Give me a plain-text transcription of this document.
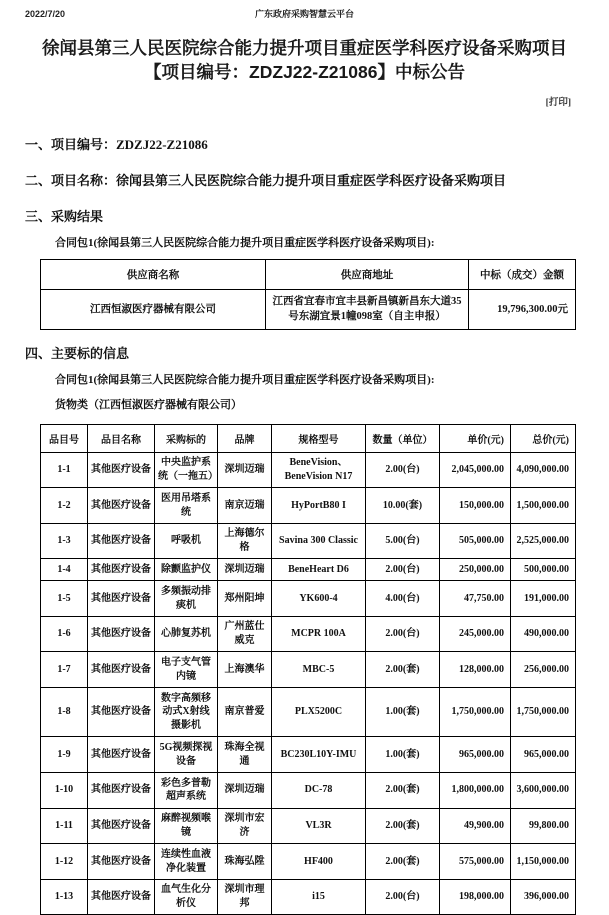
2022/7/20	广东政府采购智慧云平台
徐闻县第三人民医院综合能力提升项目重症医学科医疗设备采购项目【项目编号：ZDZJ22-Z21086】中标公告
[打印]
一、项目编号：ZDZJ22-Z21086
二、项目名称：徐闻县第三人民医院综合能力提升项目重症医学科医疗设备采购项目
三、采购结果
合同包1(徐闻县第三人民医院综合能力提升项目重症医学科医疗设备采购项目):
供应商名称	供应商地址	中标（成交）金额
江西恒淑医疗器械有限公司	江西省宜春市宜丰县新昌镇新昌东大道35号东湖宜景1幢098室（自主申报）	19,796,300.00元
四、主要标的信息
合同包1(徐闻县第三人民医院综合能力提升项目重症医学科医疗设备采购项目):
货物类（江西恒淑医疗器械有限公司）
品目号	品目名称	采购标的	品牌	规格型号	数量（单位）	单价(元)	总价(元)
1-1	其他医疗设备	中央监护系统（一拖五）	深圳迈瑞	BeneVision、BeneVision N17	2.00(台)	2,045,000.00	4,090,000.00
1-2	其他医疗设备	医用吊塔系统	南京迈瑞	HyPortB80 I	10.00(套)	150,000.00	1,500,000.00
1-3	其他医疗设备	呼吸机	上海德尔格	Savina 300 Classic	5.00(台)	505,000.00	2,525,000.00
1-4	其他医疗设备	除颤监护仪	深圳迈瑞	BeneHeart D6	2.00(台)	250,000.00	500,000.00
1-5	其他医疗设备	多频振动排痰机	郑州阳坤	YK600-4	4.00(台)	47,750.00	191,000.00
1-6	其他医疗设备	心肺复苏机	广州蓝仕威克	MCPR 100A	2.00(台)	245,000.00	490,000.00
1-7	其他医疗设备	电子支气管内镜	上海澳华	MBC-5	2.00(套)	128,000.00	256,000.00
1-8	其他医疗设备	数字高频移动式X射线摄影机	南京普爱	PLX5200C	1.00(套)	1,750,000.00	1,750,000.00
1-9	其他医疗设备	5G视频探视设备	珠海全视通	BC230L10Y-IMU	1.00(套)	965,000.00	965,000.00
1-10	其他医疗设备	彩色多普勒超声系统	深圳迈瑞	DC-78	2.00(套)	1,800,000.00	3,600,000.00
1-11	其他医疗设备	麻醉视频喉镜	深圳市宏济	VL3R	2.00(套)	49,900.00	99,800.00
1-12	其他医疗设备	连续性血液净化装置	珠海弘陞	HF400	2.00(套)	575,000.00	1,150,000.00
1-13	其他医疗设备	血气生化分析仪	深圳市理邦	i15	2.00(台)	198,000.00	396,000.00
